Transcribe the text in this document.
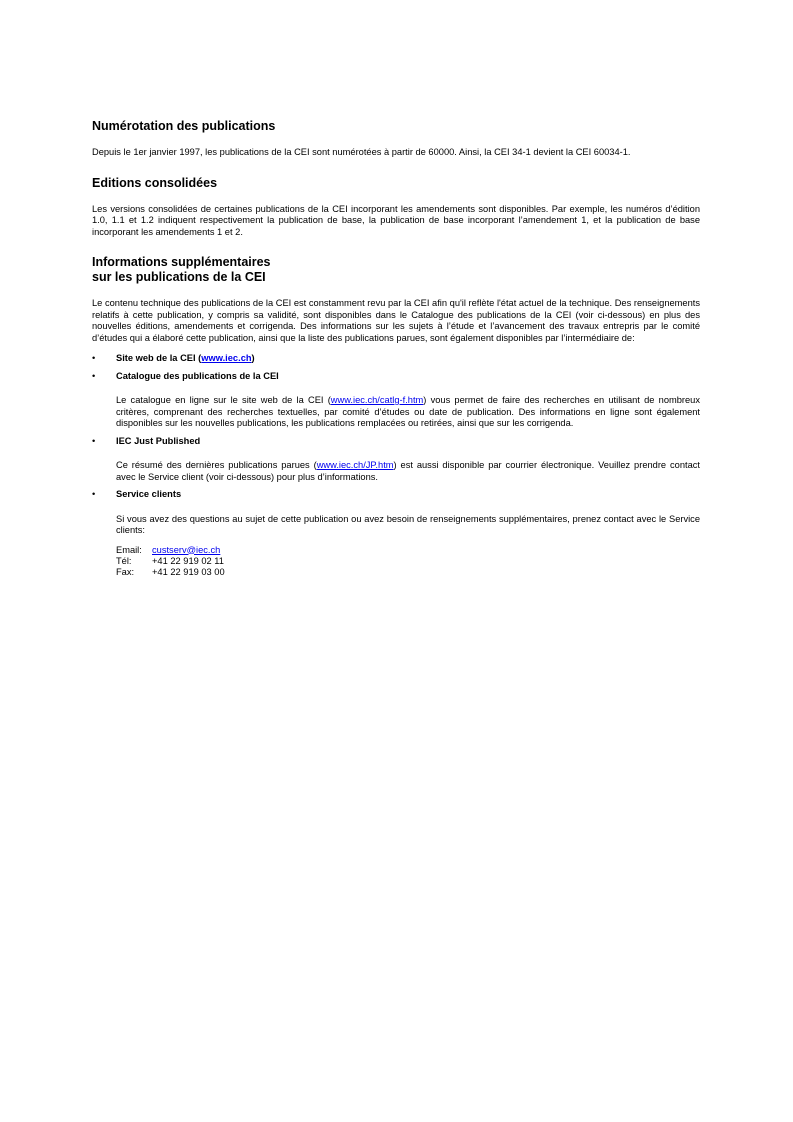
Numérotation des publications

Depuis le 1er janvier 1997, les publications de la CEI sont numérotées à partir de 60000. Ainsi, la CEI 34-1 devient la CEI 60034-1.

Editions consolidées

Les versions consolidées de certaines publications de la CEI incorporant les amendements sont disponibles. Par exemple, les numéros d’édition 1.0, 1.1 et 1.2 indiquent respectivement la publication de base, la publication de base incorporant l’amendement 1, et la publication de base incorporant les amendements 1 et 2.

Informations supplémentaires
sur les publications de la CEI

Le contenu technique des publications de la CEI est constamment revu par la CEI afin qu'il reflète l'état actuel de la technique. Des renseignements relatifs à cette publication, y compris sa validité, sont disponibles dans le Catalogue des publications de la CEI (voir ci-dessous) en plus des nouvelles éditions, amendements et corrigenda. Des informations sur les sujets à l’étude et l’avancement des travaux entrepris par le comité d’études qui a élaboré cette publication, ainsi que la liste des publications parues, sont également disponibles par l’intermédiaire de:

• Site web de la CEI (www.iec.ch)
• Catalogue des publications de la CEI

Le catalogue en ligne sur le site web de la CEI (www.iec.ch/catlg-f.htm) vous permet de faire des recherches en utilisant de nombreux critères, comprenant des recherches textuelles, par comité d’études ou date de publication. Des informations en ligne sont également disponibles sur les nouvelles publications, les publications remplacées ou retirées, ainsi que sur les corrigenda.

• IEC Just Published

Ce résumé des dernières publications parues (www.iec.ch/JP.htm) est aussi disponible par courrier électronique. Veuillez prendre contact avec le Service client (voir ci-dessous) pour plus d’informations.

• Service clients

Si vous avez des questions au sujet de cette publication ou avez besoin de renseignements supplémentaires, prenez contact avec le Service clients:

Email:	custserv@iec.ch
Tél:	+41 22 919 02 11
Fax:	+41 22 919 03 00
